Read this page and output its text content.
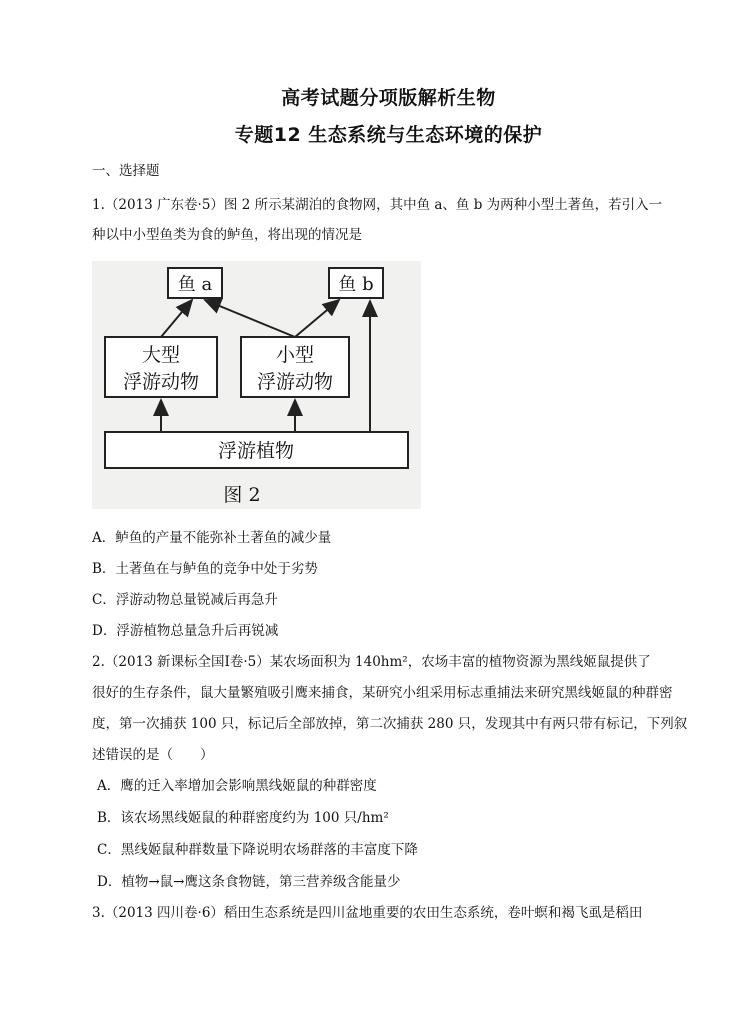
高考试题分项版解析生物
专题12 生态系统与生态环境的保护
一、选择题
1.（2013 广东卷·5）图 2 所示某湖泊的食物网，其中鱼 a、鱼 b 为两种小型土著鱼，若引入一
种以中小型鱼类为食的鲈鱼，将出现的情况是
鱼 a	鱼 b
大型
浮游动物
小型
浮游动物
浮游植物
图 2
A．鲈鱼的产量不能弥补土著鱼的减少量
B．土著鱼在与鲈鱼的竞争中处于劣势
C．浮游动物总量锐减后再急升
D．浮游植物总量急升后再锐减
2.（2013 新课标全国Ⅰ卷·5）某农场面积为 140hm²，农场丰富的植物资源为黑线姬鼠提供了
很好的生存条件，鼠大量繁殖吸引鹰来捕食，某研究小组采用标志重捕法来研究黑线姬鼠的种群密
度，第一次捕获 100 只，标记后全部放掉，第二次捕获 280 只，发现其中有两只带有标记，下列叙
述错误的是（　　）
A．鹰的迁入率增加会影响黑线姬鼠的种群密度
B．该农场黑线姬鼠的种群密度约为 100 只/hm²
C．黑线姬鼠种群数量下降说明农场群落的丰富度下降
D．植物→鼠→鹰这条食物链，第三营养级含能量少
3.（2013 四川卷·6）稻田生态系统是四川盆地重要的农田生态系统，卷叶螟和褐飞虱是稻田
